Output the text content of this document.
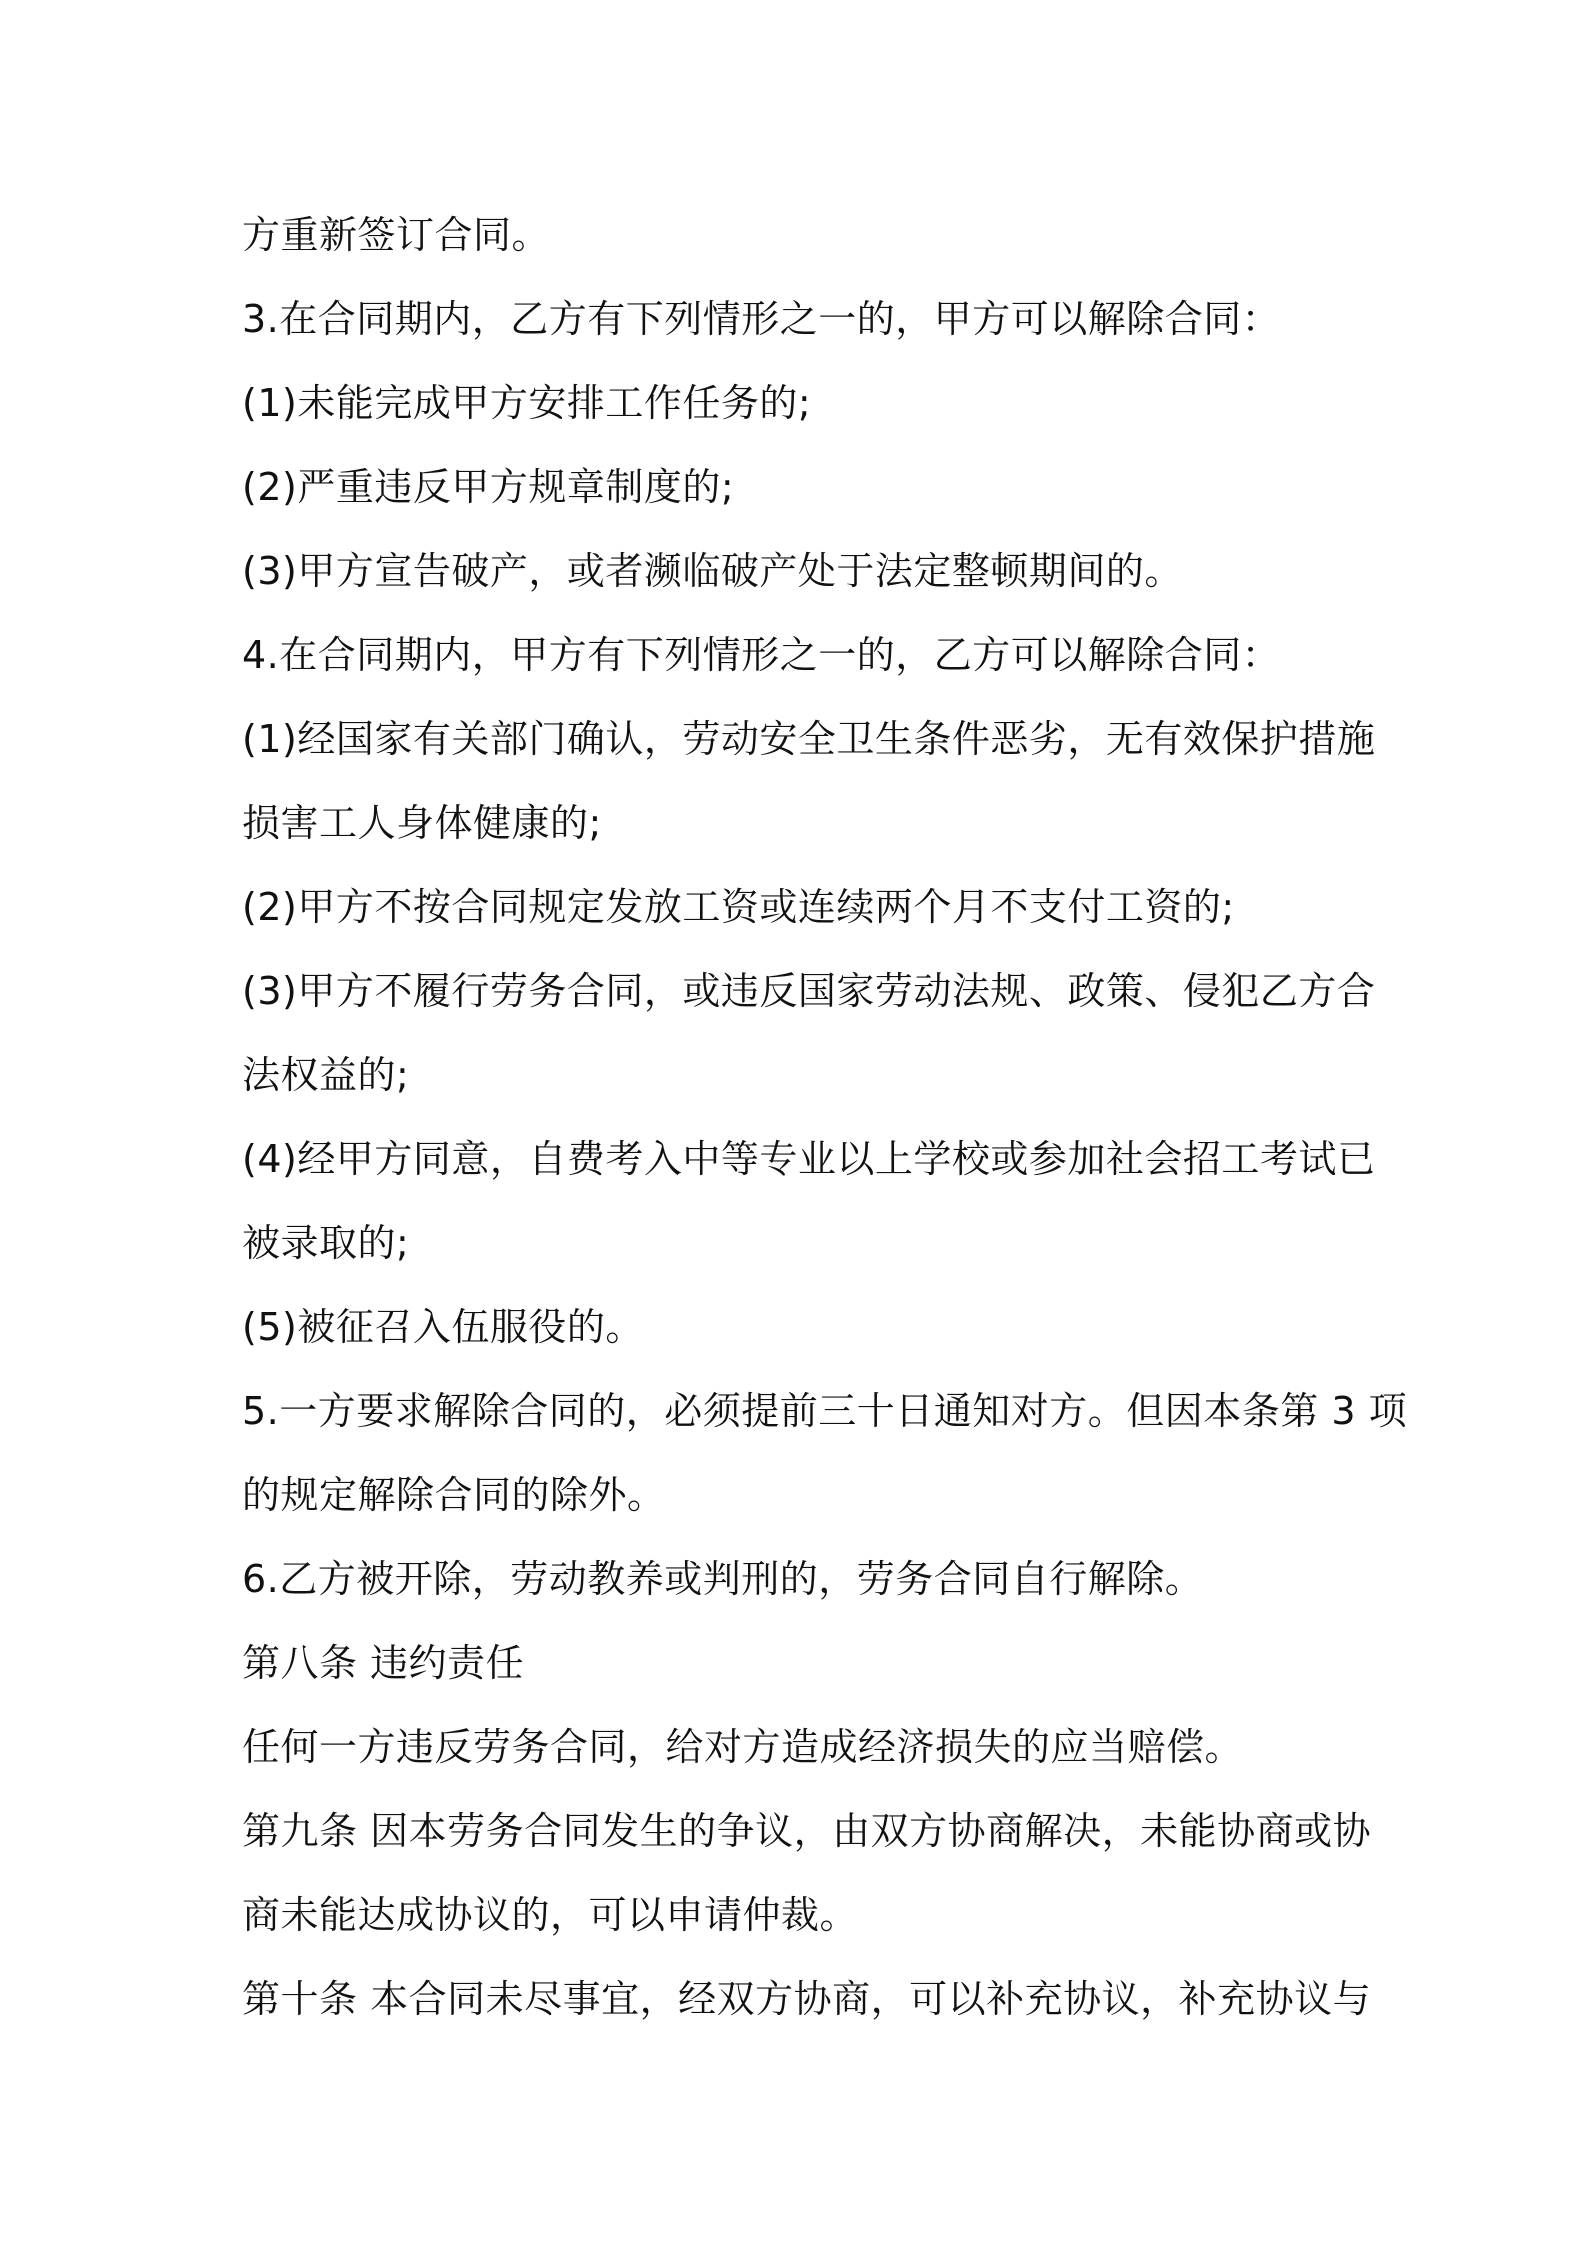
方重新签订合同。
3.在合同期内，乙方有下列情形之一的，甲方可以解除合同：
(1)未能完成甲方安排工作任务的;
(2)严重违反甲方规章制度的;
(3)甲方宣告破产，或者濒临破产处于法定整顿期间的。
4.在合同期内，甲方有下列情形之一的，乙方可以解除合同：
(1)经国家有关部门确认，劳动安全卫生条件恶劣，无有效保护措施
损害工人身体健康的;
(2)甲方不按合同规定发放工资或连续两个月不支付工资的;
(3)甲方不履行劳务合同，或违反国家劳动法规、政策、侵犯乙方合
法权益的;
(4)经甲方同意，自费考入中等专业以上学校或参加社会招工考试已
被录取的;
(5)被征召入伍服役的。
5.一方要求解除合同的，必须提前三十日通知对方。但因本条第 3 项
的规定解除合同的除外。
6.乙方被开除，劳动教养或判刑的，劳务合同自行解除。
第八条 违约责任
任何一方违反劳务合同，给对方造成经济损失的应当赔偿。
第九条 因本劳务合同发生的争议，由双方协商解决，未能协商或协
商未能达成协议的，可以申请仲裁。
第十条 本合同未尽事宜，经双方协商，可以补充协议，补充协议与
